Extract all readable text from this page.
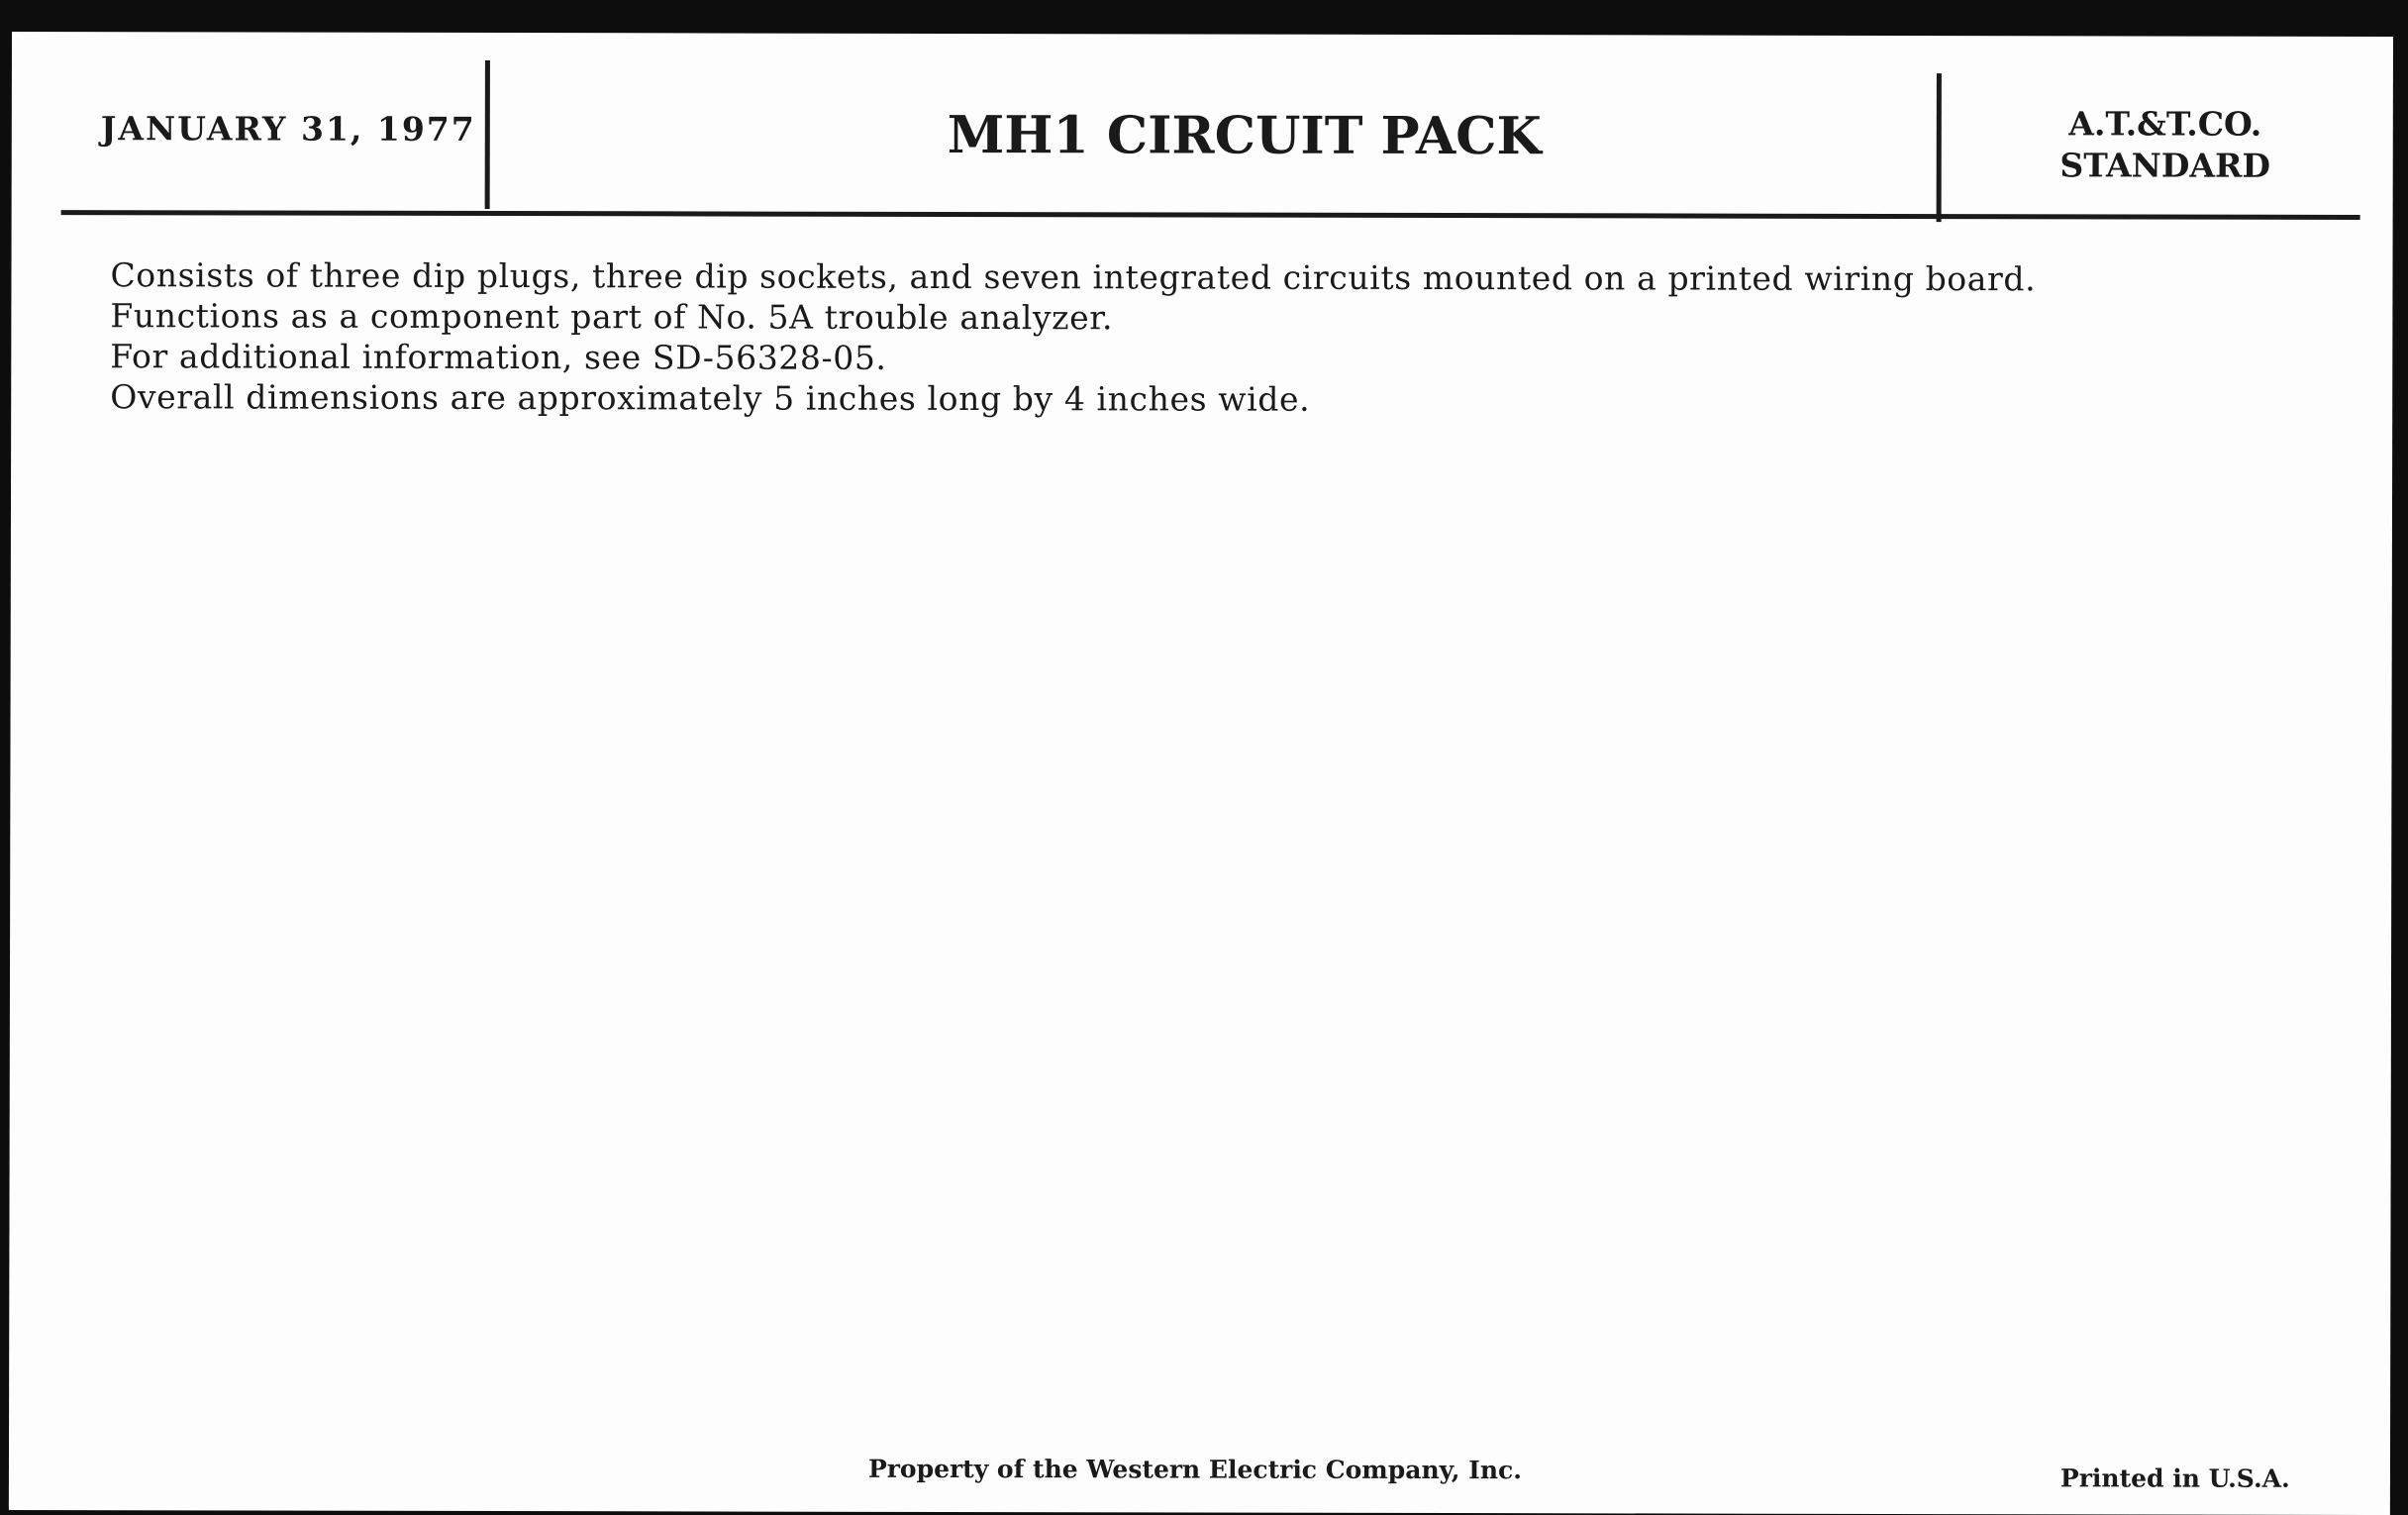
JANUARY 31, 1977	MH1 CIRCUIT PACK	A.T.&T.CO.
STANDARD

Consists of three dip plugs, three dip sockets, and seven integrated circuits mounted on a printed wiring board.

Functions as a component part of No. 5A trouble analyzer.

For additional information, see SD-56328-05.

Overall dimensions are approximately 5 inches long by 4 inches wide.

Property of the Western Electric Company, Inc.	Printed in U.S.A.
